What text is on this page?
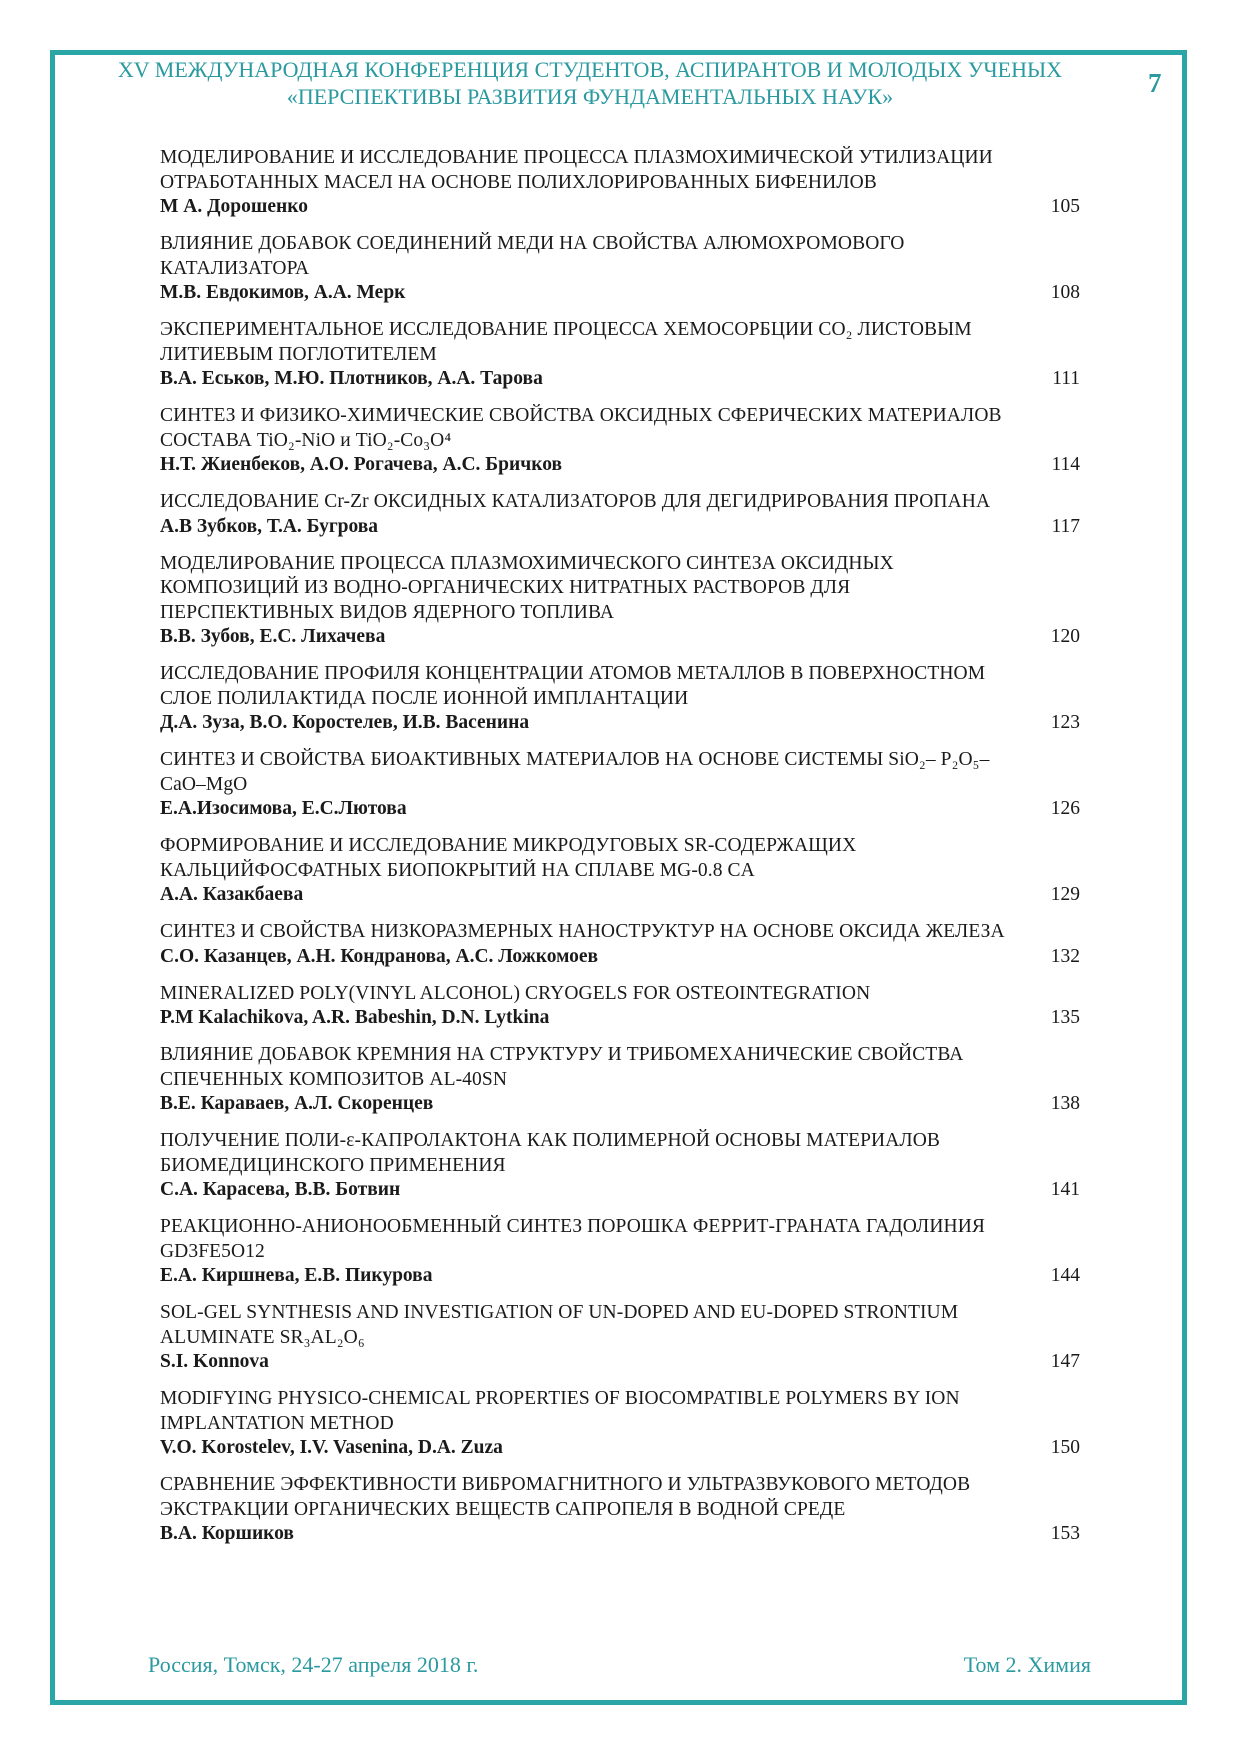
XV МЕЖДУНАРОДНАЯ КОНФЕРЕНЦИЯ СТУДЕНТОВ, АСПИРАНТОВ И МОЛОДЫХ УЧЕНЫХ
«ПЕРСПЕКТИВЫ РАЗВИТИЯ ФУНДАМЕНТАЛЬНЫХ НАУК»	7
МОДЕЛИРОВАНИЕ И ИССЛЕДОВАНИЕ ПРОЦЕССА ПЛАЗМОХИМИЧЕСКОЙ УТИЛИЗАЦИИ ОТРАБОТАННЫХ МАСЕЛ НА ОСНОВЕ ПОЛИХЛОРИРОВАННЫХ БИФЕНИЛОВ
М А. Дорошенко	105
ВЛИЯНИЕ ДОБАВОК СОЕДИНЕНИЙ МЕДИ НА СВОЙСТВА АЛЮМОХРОМОВОГО КАТАЛИЗАТОРА
М.В. Евдокимов, А.А. Мерк	108
ЭКСПЕРИМЕНТАЛЬНОЕ ИССЛЕДОВАНИЕ ПРОЦЕССА ХЕМОСОРБЦИИ CO₂ ЛИСТОВЫМ ЛИТИЕВЫМ ПОГЛОТИТЕЛЕМ
В.А. Еськов, М.Ю. Плотников, А.А. Тарова	111
СИНТЕЗ И ФИЗИКО-ХИМИЧЕСКИЕ СВОЙСТВА ОКСИДНЫХ СФЕРИЧЕСКИХ МАТЕРИАЛОВ СОСТАВА TiO₂-NiO и TiO₂-Co₃O⁴
Н.Т. Жиенбеков, А.О. Рогачева, А.С. Бричков	114
ИССЛЕДОВАНИЕ Cr-Zr ОКСИДНЫХ КАТАЛИЗАТОРОВ ДЛЯ ДЕГИДРИРОВАНИЯ ПРОПАНА
А.В Зубков, Т.А. Бугрова	117
МОДЕЛИРОВАНИЕ ПРОЦЕССА ПЛАЗМОХИМИЧЕСКОГО СИНТЕЗА ОКСИДНЫХ КОМПОЗИЦИЙ ИЗ ВОДНО-ОРГАНИЧЕСКИХ НИТРАТНЫХ РАСТВОРОВ ДЛЯ ПЕРСПЕКТИВНЫХ ВИДОВ ЯДЕРНОГО ТОПЛИВА
В.В. Зубов, Е.С. Лихачева	120
ИССЛЕДОВАНИЕ ПРОФИЛЯ КОНЦЕНТРАЦИИ АТОМОВ МЕТАЛЛОВ В ПОВЕРХНОСТНОМ СЛОЕ ПОЛИЛАКТИДА ПОСЛЕ ИОННОЙ ИМПЛАНТАЦИИ
Д.А. Зуза, В.О. Коростелев, И.В. Васенина	123
СИНТЕЗ И СВОЙСТВА БИОАКТИВНЫХ МАТЕРИАЛОВ НА ОСНОВЕ СИСТЕМЫ SiO₂– P₂O₅–CaO–MgO
Е.А.Изосимова, Е.С.Лютова	126
ФОРМИРОВАНИЕ И ИССЛЕДОВАНИЕ МИКРОДУГОВЫХ SR-СОДЕРЖАЩИХ КАЛЬЦИЙФОСФАТНЫХ БИОПОКРЫТИЙ НА СПЛАВЕ MG-0.8 CA
А.А. Казакбаева	129
СИНТЕЗ И СВОЙСТВА НИЗКОРАЗМЕРНЫХ НАНОСТРУКТУР НА ОСНОВЕ ОКСИДА ЖЕЛЕЗА
С.О. Казанцев, А.Н. Кондранова, А.С. Ложкомоев	132
MINERALIZED POLY(VINYL ALCOHOL) CRYOGELS FOR OSTEOINTEGRATION
P.M Kalachikova, A.R. Babeshin, D.N. Lytkina	135
ВЛИЯНИЕ ДОБАВОК КРЕМНИЯ НА СТРУКТУРУ И ТРИБОМЕХАНИЧЕСКИЕ СВОЙСТВА СПЕЧЕННЫХ КОМПОЗИТОВ AL-40SN
В.Е. Караваев, А.Л. Скоренцев	138
ПОЛУЧЕНИЕ ПОЛИ-ε-КАПРОЛАКТОНА КАК ПОЛИМЕРНОЙ ОСНОВЫ МАТЕРИАЛОВ БИОМЕДИЦИНСКОГО ПРИМЕНЕНИЯ
С.А. Карасева, В.В. Ботвин	141
РЕАКЦИОННО-АНИОНООБМЕННЫЙ СИНТЕЗ ПОРОШКА ФЕРРИТ-ГРАНАТА ГАДОЛИНИЯ GD3FE5O12
Е.А. Киршнева, Е.В. Пикурова	144
SOL-GEL SYNTHESIS AND INVESTIGATION OF UN-DOPED AND EU-DOPED STRONTIUM ALUMINATE SR₃AL₂O₆
S.I. Konnova	147
MODIFYING PHYSICO-CHEMICAL PROPERTIES OF BIOCOMPATIBLE POLYMERS BY ION IMPLANTATION METHOD
V.O. Korostelev, I.V. Vasenina, D.A. Zuza	150
СРАВНЕНИЕ ЭФФЕКТИВНОСТИ ВИБРОМАГНИТНОГО И УЛЬТРАЗВУКОВОГО МЕТОДОВ ЭКСТРАКЦИИ ОРГАНИЧЕСКИХ ВЕЩЕСТВ САПРОПЕЛЯ В ВОДНОЙ СРЕДЕ
В.А. Коршиков	153
Россия, Томск, 24-27 апреля 2018 г.	Том 2. Химия
